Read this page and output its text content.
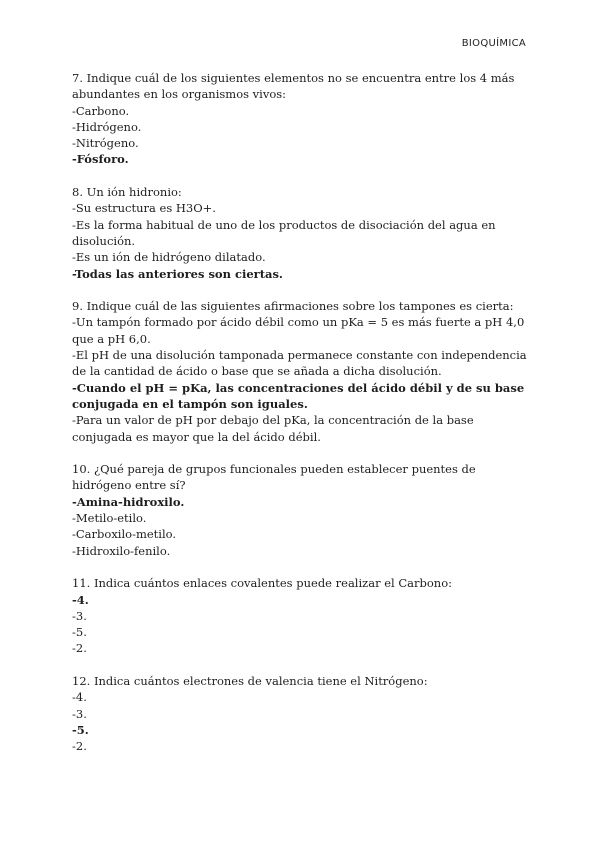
BIOQUÍMICA

7. Indique cuál de los siguientes elementos no se encuentra entre los 4 más abundantes en los organismos vivos:

-Carbono.

-Hidrógeno.

-Nitrógeno.

-Fósforo.

8. Un ión hidronio:

-Su estructura es H3O+.

-Es la forma habitual de uno de los productos de disociación del agua en disolución.

-Es un ión de hidrógeno dilatado.

-Todas las anteriores son ciertas.

9. Indique cuál de las siguientes afirmaciones sobre los tampones es cierta:

-Un tampón formado por ácido débil como un pKa = 5 es más fuerte a pH 4,0 que a pH 6,0.

-El pH de una disolución tamponada permanece constante con independencia de la cantidad de ácido o base que se añada a dicha disolución.

-Cuando el pH = pKa, las concentraciones del ácido débil y de su base conjugada en el tampón son iguales.

-Para un valor de pH por debajo del pKa, la concentración de la base conjugada es mayor que la del ácido débil.

10. ¿Qué pareja de grupos funcionales pueden establecer puentes de hidrógeno entre sí?

-Amina-hidroxilo.

-Metilo-etilo.

-Carboxilo-metilo.

-Hidroxilo-fenilo.

11. Indica cuántos enlaces covalentes puede realizar el Carbono:

-4.

-3.

-5.

-2.

12. Indica cuántos electrones de valencia tiene el Nitrógeno:

-4.

-3.

-5.

-2.
